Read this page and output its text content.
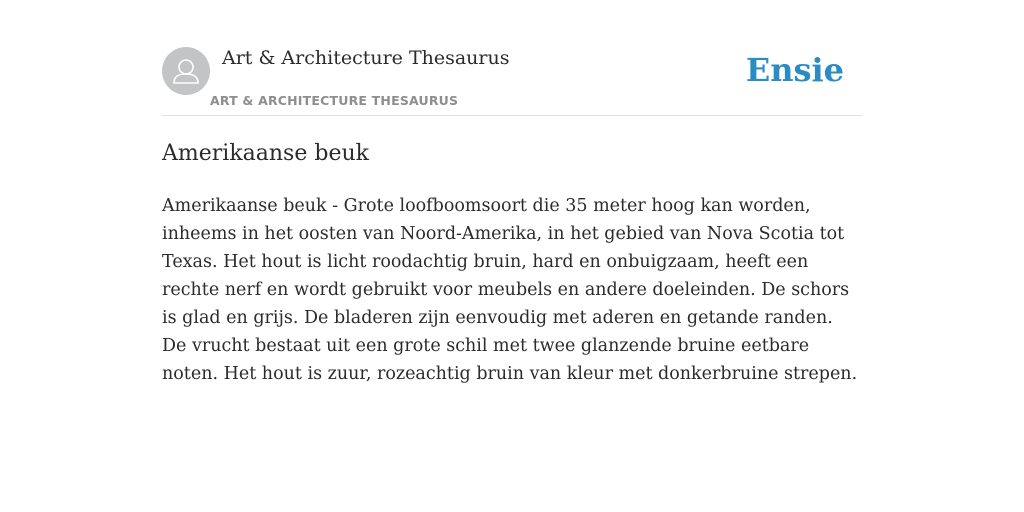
Art & Architecture Thesaurus
ART & ARCHITECTURE THESAURUS
Ensie
Amerikaanse beuk

Amerikaanse beuk - Grote loofboomsoort die 35 meter hoog kan worden, inheems in het oosten van Noord-Amerika, in het gebied van Nova Scotia tot Texas. Het hout is licht roodachtig bruin, hard en onbuigzaam, heeft een rechte nerf en wordt gebruikt voor meubels en andere doeleinden. De schors is glad en grijs. De bladeren zijn eenvoudig met aderen en getande randen. De vrucht bestaat uit een grote schil met twee glanzende bruine eetbare noten. Het hout is zuur, rozeachtig bruin van kleur met donkerbruine strepen.
